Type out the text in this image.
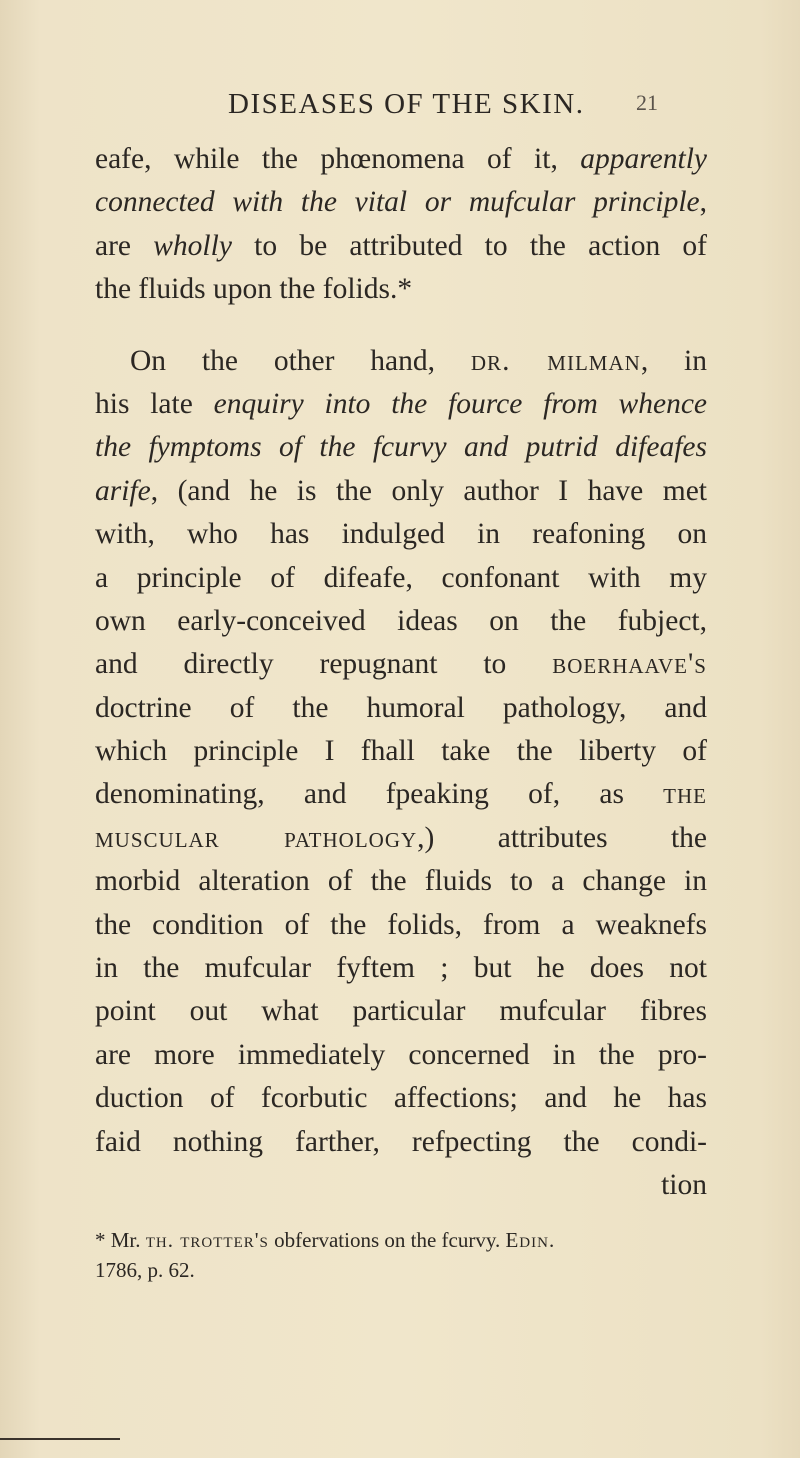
DISEASES OF THE SKIN. 21
eafe, while the phœnomena of it, apparently
connected with the vital or mufcular principle,
are wholly to be attributed to the action of
the fluids upon the folids.*
On the other hand, dr. milman, in
his late enquiry into the fource from whence
the fymptoms of the fcurvy and putrid difeafes
arife, (and he is the only author I have met
with, who has indulged in reafoning on
a principle of difeafe, confonant with my
own early-conceived ideas on the fubject,
and directly repugnant to boerhaave's
doctrine of the humoral pathology, and
which principle I fhall take the liberty of
denominating, and fpeaking of, as the
muscular pathology,) attributes the
morbid alteration of the fluids to a change in
the condition of the folids, from a weaknefs
in the mufcular fyftem ; but he does not
point out what particular mufcular fibres
are more immediately concerned in the pro-
duction of fcorbutic affections; and he has
faid nothing farther, refpecting the condi-
tion
* Mr. th. trotter's obfervations on the fcurvy. Edin.
1786, p. 62.
